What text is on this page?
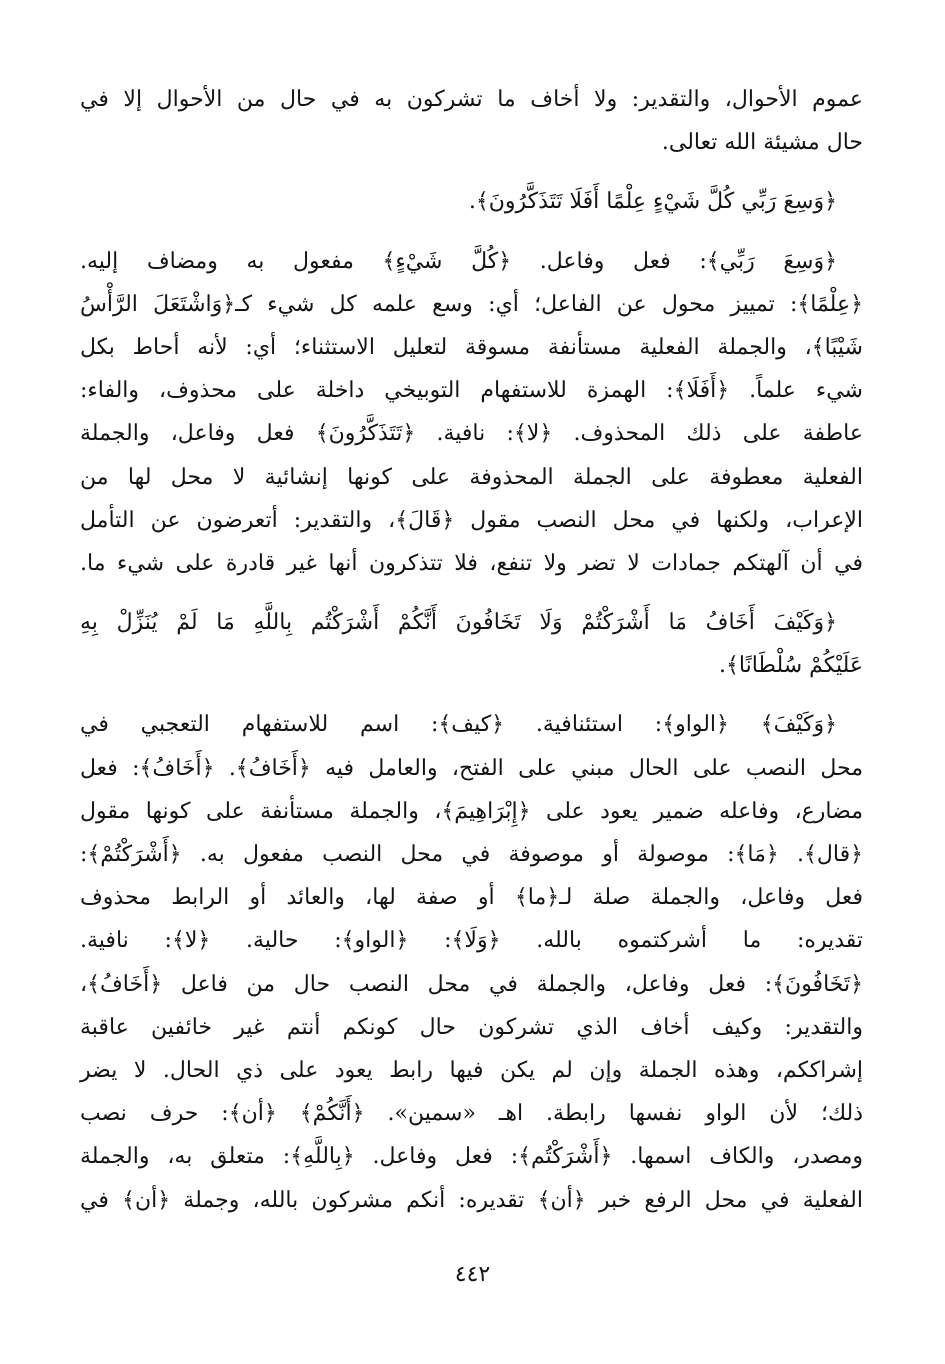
عموم الأحوال، والتقدير: ولا أخاف ما تشركون به في حال من الأحوال إلا في
حال مشيئة الله تعالى.
﴿وَسِعَ رَبِّي كُلَّ شَيْءٍ عِلْمًا أَفَلَا تَتَذَكَّرُونَ﴾.
﴿وَسِعَ رَبِّي﴾: فعل وفاعل. ﴿كُلَّ شَيْءٍ﴾ مفعول به ومضاف إليه.
﴿عِلْمًا﴾: تمييز محول عن الفاعل؛ أي: وسع علمه كل شيء كـ﴿وَاشْتَعَلَ الرَّأْسُ
شَيْبًا﴾، والجملة الفعلية مستأنفة مسوقة لتعليل الاستثناء؛ أي: لأنه أحاط بكل
شيء علماً. ﴿أَفَلَا﴾: الهمزة للاستفهام التوبيخي داخلة على محذوف، والفاء:
عاطفة على ذلك المحذوف. ﴿لا﴾: نافية. ﴿تَتَذَكَّرُونَ﴾ فعل وفاعل، والجملة
الفعلية معطوفة على الجملة المحذوفة على كونها إنشائية لا محل لها من
الإعراب، ولكنها في محل النصب مقول ﴿قَالَ﴾، والتقدير: أتعرضون عن التأمل
في أن آلهتكم جمادات لا تضر ولا تنفع، فلا تتذكرون أنها غير قادرة على شيء ما.
﴿وَكَيْفَ أَخَافُ مَا أَشْرَكْتُمْ وَلَا تَخَافُونَ أَنَّكُمْ أَشْرَكْتُم بِاللَّهِ مَا لَمْ يُنَزِّلْ بِهِ
عَلَيْكُمْ سُلْطَانًا﴾.
﴿وَكَيْفَ﴾ ﴿الواو﴾: استئنافية. ﴿كيف﴾: اسم للاستفهام التعجبي في
محل النصب على الحال مبني على الفتح، والعامل فيه ﴿أَخَافُ﴾. ﴿أَخَافُ﴾: فعل
مضارع، وفاعله ضمير يعود على ﴿إِبْرَاهِيمَ﴾، والجملة مستأنفة على كونها مقول
﴿قال﴾. ﴿مَا﴾: موصولة أو موصوفة في محل النصب مفعول به. ﴿أَشْرَكْتُمْ﴾:
فعل وفاعل، والجملة صلة لـ﴿ما﴾ أو صفة لها، والعائد أو الرابط محذوف
تقديره: ما أشركتموه بالله. ﴿وَلَا﴾: ﴿الواو﴾: حالية. ﴿لا﴾: نافية.
﴿تَخَافُونَ﴾: فعل وفاعل، والجملة في محل النصب حال من فاعل ﴿أَخَافُ﴾،
والتقدير: وكيف أخاف الذي تشركون حال كونكم أنتم غير خائفين عاقبة
إشراككم، وهذه الجملة وإن لم يكن فيها رابط يعود على ذي الحال. لا يضر
ذلك؛ لأن الواو نفسها رابطة. اهـ «سمين». ﴿أَنَّكُمْ﴾ ﴿أن﴾: حرف نصب
ومصدر، والكاف اسمها. ﴿أَشْرَكْتُم﴾: فعل وفاعل. ﴿بِاللَّهِ﴾: متعلق به، والجملة
الفعلية في محل الرفع خبر ﴿أن﴾ تقديره: أنكم مشركون بالله، وجملة ﴿أن﴾ في
٤٤٢
